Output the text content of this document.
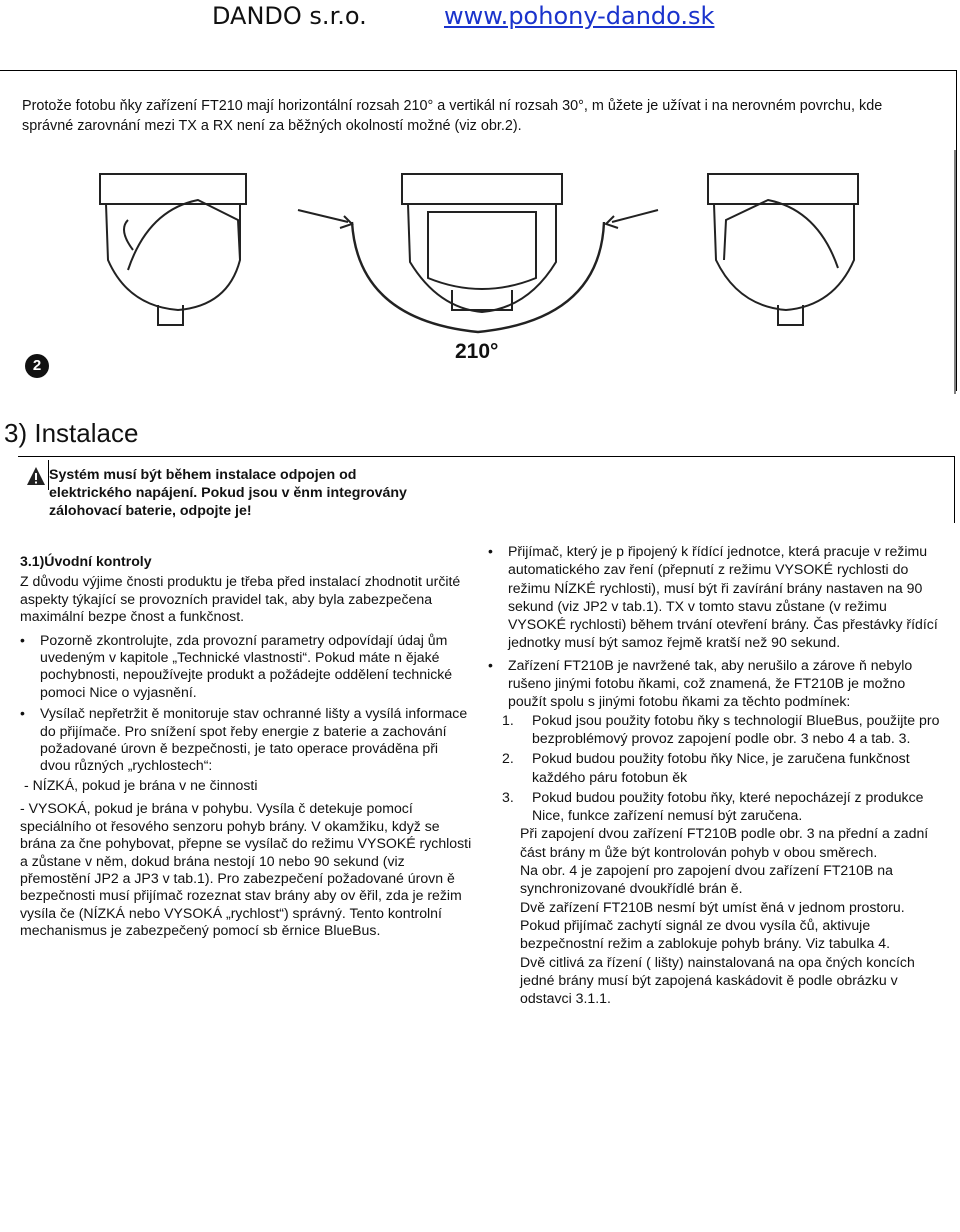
DANDO s.r.o.	www.pohony-dando.sk
Protože fotobu ňky zařízení FT210 mají horizontální rozsah 210° a vertikál ní rozsah 30°, m ůžete je užívat i na nerovném povrchu, kde správné zarovnání mezi TX a RX není za běžných okolností možné (viz obr.2).
2
210°
3) Instalace
Systém musí být během instalace odpojen od elektrického napájení. Pokud jsou v ěnm integrovány zálohovací baterie, odpojte je!

3.1)Úvodní kontroly

Z důvodu výjime čnosti produktu je třeba před instalací zhodnotit určité aspekty týkající se provozních pravidel tak, aby byla zabezpečena maximální bezpe čnost a funkčnost.

• Pozorně zkontrolujte, zda provozní parametry odpovídají údaj ům uvedeným v kapitole „Technické vlastnosti“. Pokud máte n ějaké pochybnosti, nepoužívejte produkt a požádejte oddělení technické pomoci Nice o vyjasnění.

• Vysílač nepřetržit ě monitoruje stav ochranné lišty a vysílá informace do přijímače. Pro snížení spot řeby energie z baterie a zachování požadované úrovn ě bezpečnosti, je tato operace prováděna při dvou různých „rychlostech“:

- NÍZKÁ, pokud je brána v ne činnosti

- VYSOKÁ, pokud je brána v pohybu. Vysíla č detekuje pomocí speciálního ot řesového senzoru pohyb brány. V okamžiku, když se brána za čne pohybovat, přepne se vysílač do režimu VYSOKÉ rychlosti a zůstane v něm, dokud brána nestojí 10 nebo 90 sekund (viz přemostění JP2 a JP3 v tab.1). Pro zabezpečení požadované úrovn ě bezpečnosti musí přijímač rozeznat stav brány aby ov ěřil, zda je režim vysíla če (NÍZKÁ nebo VYSOKÁ „rychlost“) správný. Tento kontrolní mechanismus je zabezpečený pomocí sb ěrnice BlueBus.

• Přijímač, který je p řipojený k řídící jednotce, která pracuje v režimu automatického zav ření (přepnutí z režimu VYSOKÉ rychlosti do režimu NÍZKÉ rychlosti), musí být ři zavírání brány nastaven na 90 sekund (viz JP2 v tab.1). TX v tomto stavu zůstane (v režimu VYSOKÉ rychlosti) během trvání otevření brány. Čas přestávky řídící jednotky musí být samoz řejmě kratší než 90 sekund.

• Zařízení FT210B je navržené tak, aby nerušilo a zárove ň nebylo rušeno jinými fotobu ňkami, což znamená, že FT210B je možno použít spolu s jinými fotobu ňkami za těchto podmínek:

1. Pokud jsou použity fotobu ňky s technologií BlueBus, použijte pro bezproblémový provoz zapojení podle obr. 3 nebo 4 a tab. 3.

2. Pokud budou použity fotobu ňky Nice, je zaručena funkčnost každého páru fotobun ěk

3. Pokud budou použity fotobu ňky, které nepocházejí z produkce Nice, funkce zařízení nemusí být zaručena.

Při zapojení dvou zařízení FT210B podle obr. 3 na přední a zadní část brány m ůže být kontrolován pohyb v obou směrech.

Na obr. 4 je zapojení pro zapojení dvou zařízení FT210B na synchronizované dvoukřídlé brán ě.

Dvě zařízení FT210B nesmí být umíst ěná v jednom prostoru. Pokud přijímač zachytí signál ze dvou vysíla čů, aktivuje bezpečnostní režim a zablokuje pohyb brány. Viz tabulka 4.

Dvě citlivá za řízení ( lišty) nainstalovaná na opa čných koncích jedné brány musí být zapojená kaskádovit ě podle obrázku v odstavci 3.1.1.
